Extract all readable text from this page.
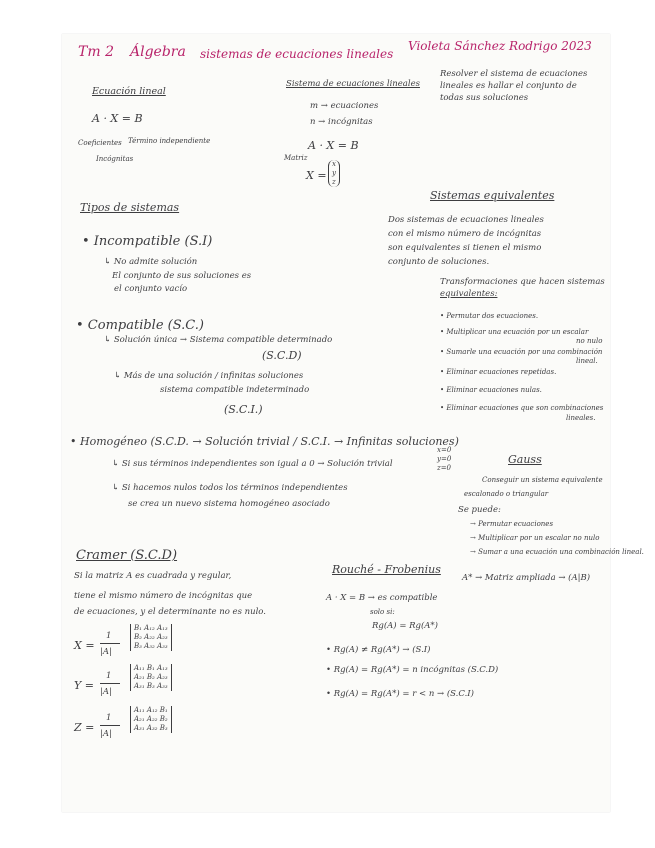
Tm 2 Álgebra sistemas de ecuaciones lineales
Violeta Sánchez Rodrigo 2023
Ecuación lineal
A · X = B
Coeficientes Término independiente
Incógnitas
Sistema de ecuaciones lineales
Resolver el sistema de ecuaciones lineales es hallar el conjunto de todas sus soluciones
m → ecuaciones
n → incógnitas
Matriz
A · X = B
X =
x
y
z
Tipos de sistemas
• Incompatible (S.I)
↳ No admite solución
El conjunto de sus soluciones es
el conjunto vacío
• Compatible (S.C.)
↳ Solución única → Sistema compatible determinado
(S.C.D)
↳ Más de una solución / infinitas soluciones
sistema compatible indeterminado
(S.C.I.)
• Homogéneo (S.C.D. → Solución trivial / S.C.I. → Infinitas soluciones)
x=0
y=0
z=0
↳ Si sus términos independientes son igual a 0 → Solución trivial
↳ Si hacemos nulos todos los términos independientes
se crea un nuevo sistema homogéneo asociado
Sistemas equivalentes
Dos sistemas de ecuaciones lineales
con el mismo número de incógnitas
son equivalentes si tienen el mismo
conjunto de soluciones.
Transformaciones que hacen sistemas
equivalentes:
• Permutar dos ecuaciones.
• Multiplicar una ecuación por un escalar
no nulo
• Sumarle una ecuación por una combinación
lineal.
• Eliminar ecuaciones repetidas.
• Eliminar ecuaciones nulas.
• Eliminar ecuaciones que son combinaciones
lineales.
Gauss
Conseguir un sistema equivalente
escalonado o triangular
Se puede:
→ Permutar ecuaciones
→ Multiplicar por un escalar no nulo
→ Sumar a una ecuación una combinación lineal.
A* → Matriz ampliada → (A|B)
Cramer (S.C.D)
Si la matriz A es cuadrada y regular,
tiene el mismo número de incógnitas que
de ecuaciones, y el determinante no es nulo.
X =
1
|A|
B₁ A₁₂ A₁₃
B₂ A₂₂ A₂₃
B₃ A₃₂ A₃₃
Y =
1
|A|
A₁₁ B₁ A₁₃
A₂₁ B₂ A₂₃
A₃₁ B₃ A₃₃
Z =
1
|A|
A₁₁ A₁₂ B₁
A₂₁ A₂₂ B₂
A₃₁ A₃₂ B₃
Rouché - Frobenius
A · X = B → es compatible
solo si:
Rg(A) = Rg(A*)
• Rg(A) ≠ Rg(A*) → (S.I)
• Rg(A) = Rg(A*) = n incógnitas (S.C.D)
• Rg(A) = Rg(A*) = r < n → (S.C.I)
